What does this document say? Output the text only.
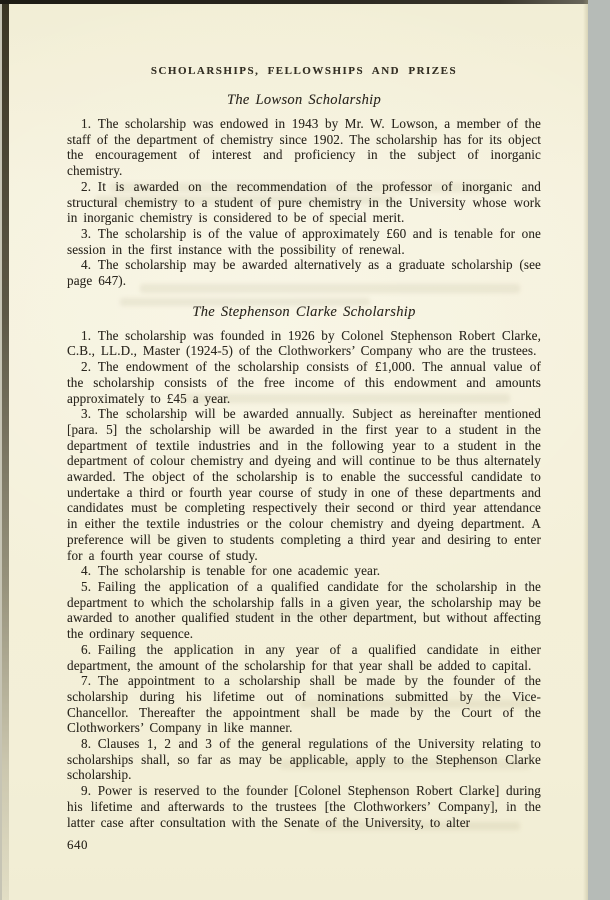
SCHOLARSHIPS, FELLOWSHIPS AND PRIZES
The Lowson Scholarship

1. The scholarship was endowed in 1943 by Mr. W. Lowson, a member of the staff of the department of chemistry since 1902. The scholarship has for its object the encouragement of interest and proficiency in the subject of inorganic chemistry.

2. It is awarded on the recommendation of the professor of inorganic and structural chemistry to a student of pure chemistry in the University whose work in inorganic chemistry is considered to be of special merit.

3. The scholarship is of the value of approximately £60 and is tenable for one session in the first instance with the possibility of renewal.

4. The scholarship may be awarded alternatively as a graduate scholarship (see page 647).

The Stephenson Clarke Scholarship

1. The scholarship was founded in 1926 by Colonel Stephenson Robert Clarke, C.B., LL.D., Master (1924-5) of the Clothworkers’ Company who are the trustees.

2. The endowment of the scholarship consists of £1,000. The annual value of the scholarship consists of the free income of this endowment and amounts approximately to £45 a year.

3. The scholarship will be awarded annually. Subject as hereinafter mentioned [para. 5] the scholarship will be awarded in the first year to a student in the department of textile industries and in the following year to a student in the department of colour chemistry and dyeing and will continue to be thus alternately awarded. The object of the scholarship is to enable the successful candidate to undertake a third or fourth year course of study in one of these departments and candidates must be completing respectively their second or third year attendance in either the textile industries or the colour chemistry and dyeing department. A preference will be given to students completing a third year and desiring to enter for a fourth year course of study.

4. The scholarship is tenable for one academic year.

5. Failing the application of a qualified candidate for the scholarship in the department to which the scholarship falls in a given year, the scholarship may be awarded to another qualified student in the other department, but without affecting the ordinary sequence.

6. Failing the application in any year of a qualified candidate in either department, the amount of the scholarship for that year shall be added to capital.

7. The appointment to a scholarship shall be made by the founder of the scholarship during his lifetime out of nominations submitted by the Vice-Chancellor. Thereafter the appointment shall be made by the Court of the Clothworkers’ Company in like manner.

8. Clauses 1, 2 and 3 of the general regulations of the University relating to scholarships shall, so far as may be applicable, apply to the Stephenson Clarke scholarship.

9. Power is reserved to the founder [Colonel Stephenson Robert Clarke] during his lifetime and afterwards to the trustees [the Clothworkers’ Company], in the latter case after consultation with the Senate of the University, to alter

640
